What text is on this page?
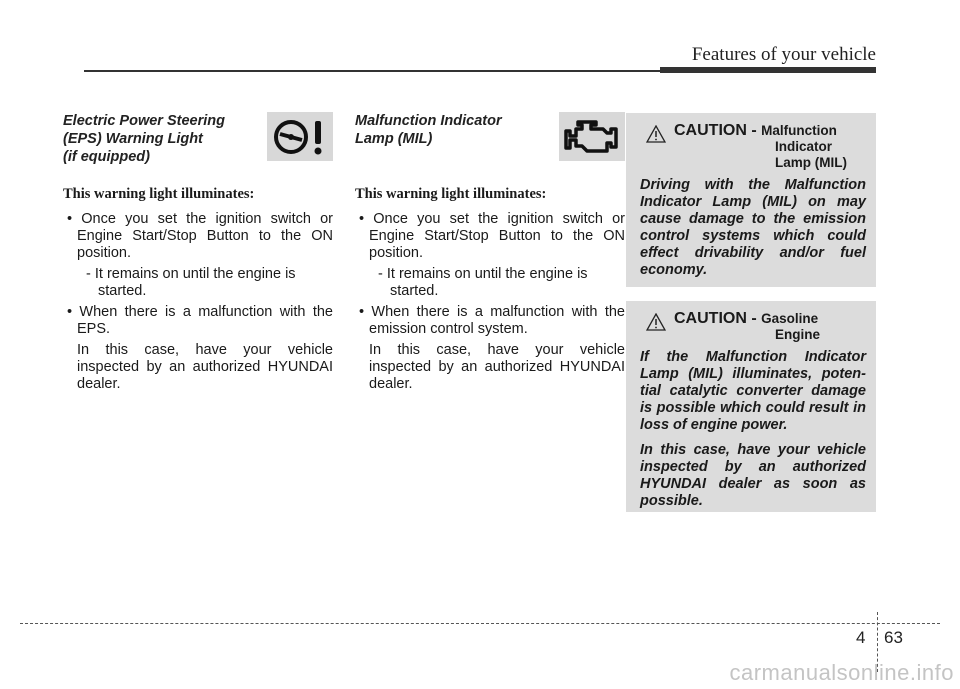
Features of your vehicle
Electric Power Steering
(EPS) Warning Light
(if equipped)
This warning light illuminates:
• Once you set the ignition switch or Engine Start/Stop Button to the ON position.
- It remains on until the engine is started.
• When there is a malfunction with the EPS.
In this case, have your vehicle inspected by an authorized HYUNDAI dealer.
Malfunction Indicator
Lamp (MIL)
This warning light illuminates:
• Once you set the ignition switch or Engine Start/Stop Button to the ON position.
- It remains on until the engine is started.
• When there is a malfunction with the emission control system.
In this case, have your vehicle inspected by an authorized HYUNDAI dealer.
CAUTION - Malfunction
Indicator
Lamp (MIL)
Driving with the Malfunction Indicator Lamp (MIL) on may cause damage to the emission control systems which could effect drivability and/or fuel economy.
CAUTION - Gasoline
Engine
If the Malfunction Indicator Lamp (MIL) illuminates, poten-tial catalytic converter damage is possible which could result in loss of engine power.
In this case, have your vehicle inspected by an authorized HYUNDAI dealer as soon as possible.
4 63
carmanualsonline.info
